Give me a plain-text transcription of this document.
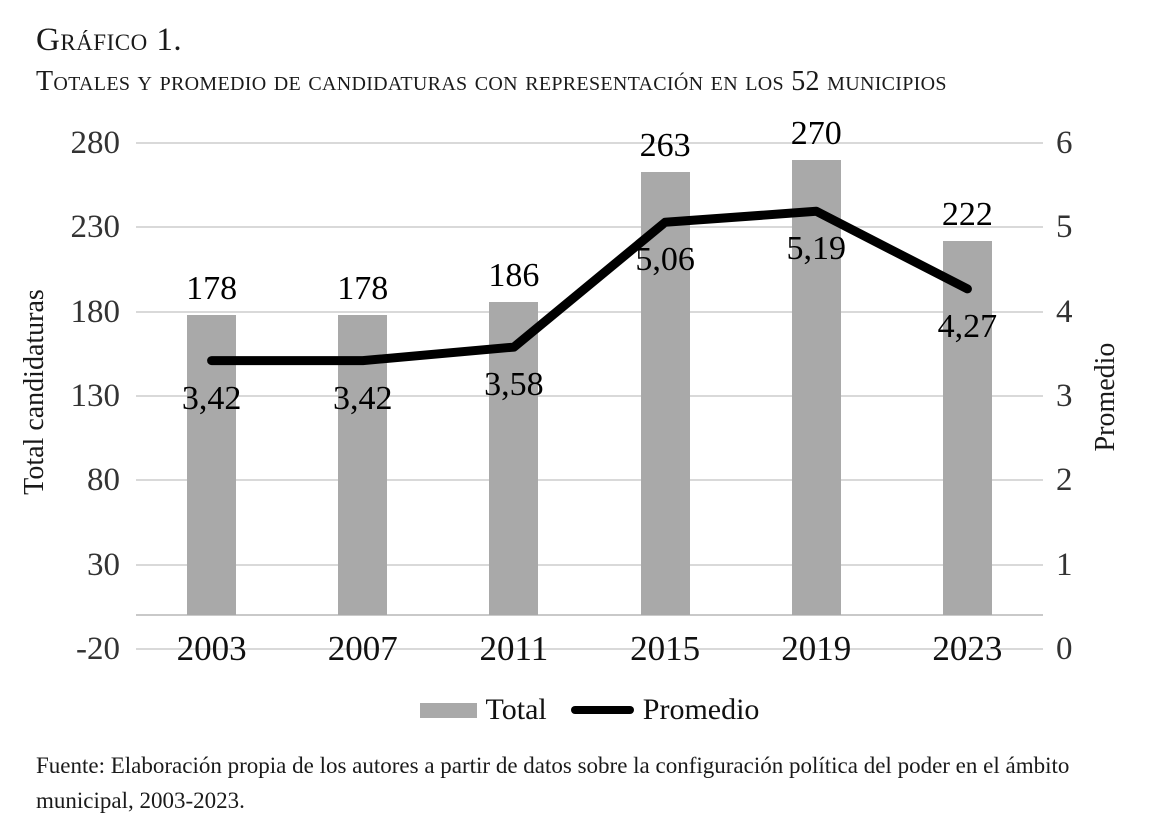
Gráfico 1.
Totales y promedio de candidaturas con representación en los 52 municipios
280	6
230	5
180	4
130	3
80	2
30	1
-20	0
178
2003
178
2007
186
2011
263
2015
270
2019
222
2023
3,42	3,42	3,58
5,06	5,19
4,27
Total candidaturas	Promedio
Total	Promedio
Fuente: Elaboración propia de los autores a partir de datos sobre la configuración política del poder en el ámbito
municipal, 2003-2023.
